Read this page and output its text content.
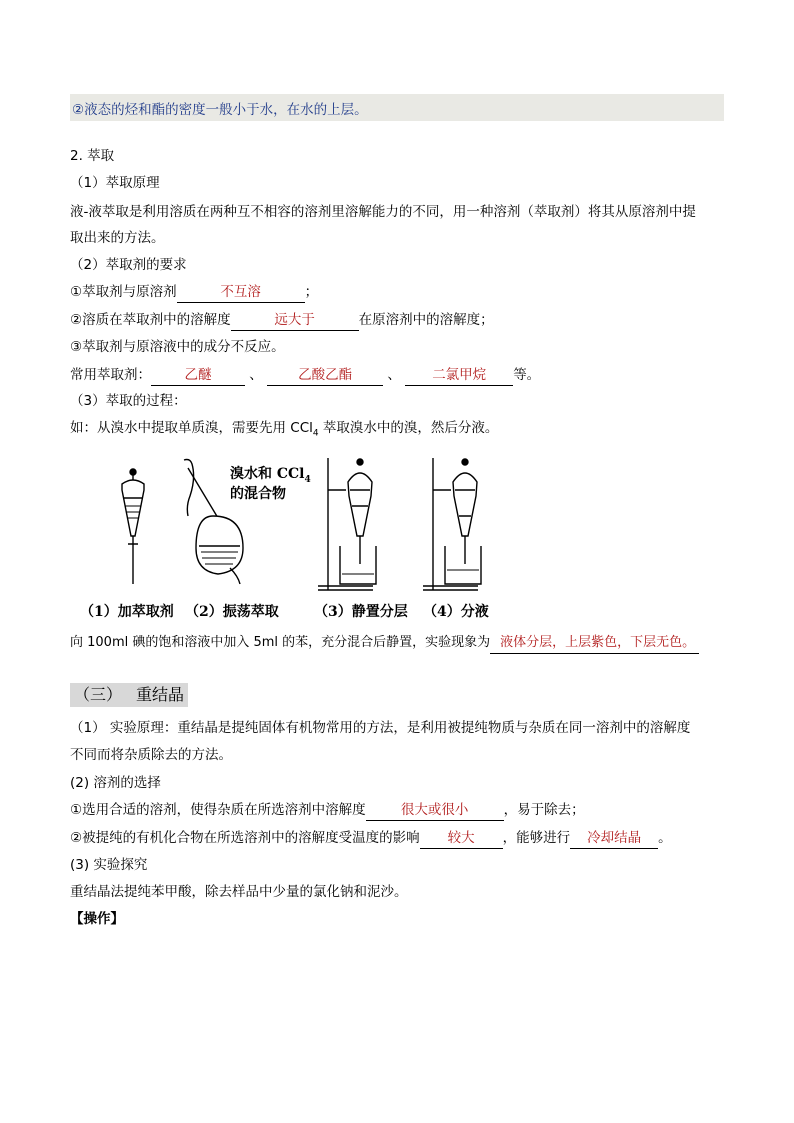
②液态的烃和酯的密度一般小于水，在水的上层。
2. 萃取
（1）萃取原理
液-液萃取是利用溶质在两种互不相容的溶剂里溶解能力的不同，用一种溶剂（萃取剂）将其从原溶剂中提
取出来的方法。
（2）萃取剂的要求
①萃取剂与原溶剂	不互溶	；
②溶质在萃取剂中的溶解度	远大于	在原溶剂中的溶解度；
③萃取剂与原溶液中的成分不反应。
常用萃取剂： 乙醚	、	乙酸乙酯	、 二氯甲烷 等。
（3）萃取的过程：
如：从溴水中提取单质溴，需要先用 CCl$_4$ 萃取溴水中的溴，然后分液。
溴水和 CCl$_4$
的混合物
（1）加萃取剂 （2）振荡萃取	（3）静置分层 （4）分液
向 100ml 碘的饱和溶液中加入 5ml 的苯，充分混合后静置，实验现象为 液体分层，上层紫色，下层无色。
（三） 重结晶
（1） 实验原理：重结晶是提纯固体有机物常用的方法，是利用被提纯物质与杂质在同一溶剂中的溶解度
不同而将杂质除去的方法。
(2) 溶剂的选择
①选用合适的溶剂，使得杂质在所选溶剂中溶解度	很大或很小	，易于除去；
②被提纯的有机化合物在所选溶剂中的溶解度受温度的影响 较大 ，能够进行 冷却结晶 。
(3) 实验探究
重结晶法提纯苯甲酸，除去样品中少量的氯化钠和泥沙。
【操作】
